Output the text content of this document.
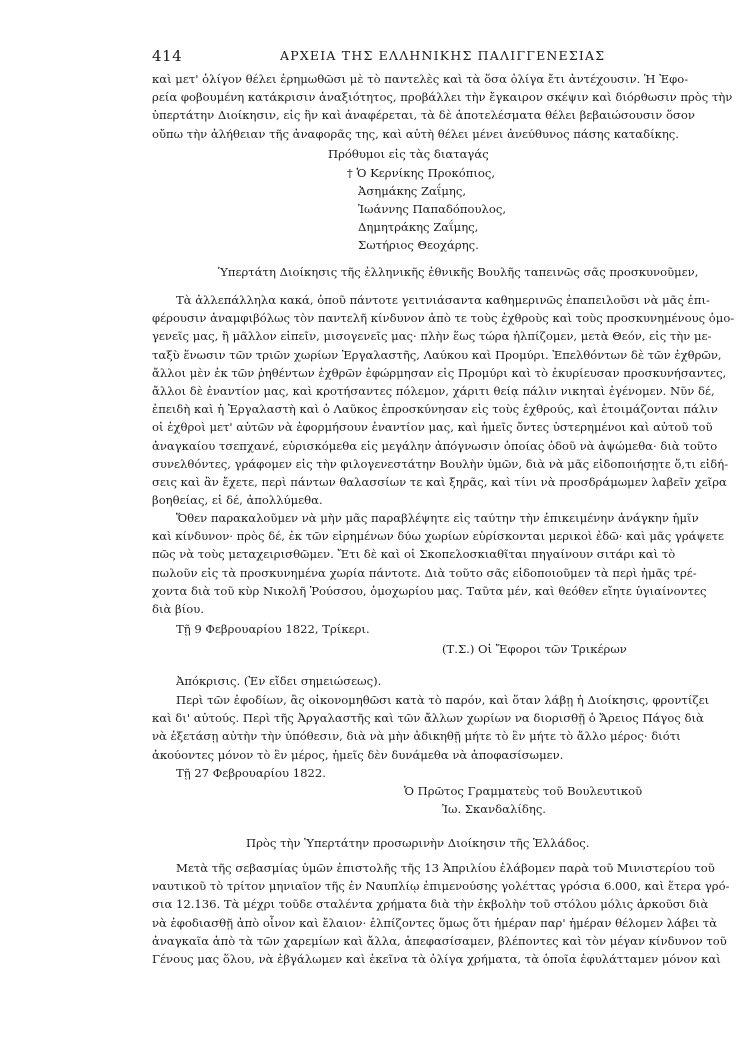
414	ΑΡΧΕΙΑ ΤΗΣ ΕΛΛΗΝΙΚΗΣ ΠΑΛΙΓΓΕΝΕΣΙΑΣ
καὶ μετ' ὀλίγον θέλει ἐρημωθῶσι μὲ τὸ παντελὲς καὶ τὰ ὅσα ὀλίγα ἔτι ἀντέχουσιν. Ἡ Ἐφο-
ρεία φοβουμένη κατάκρισιν ἀναξιότητος, προβάλλει τὴν ἔγκαιρον σκέψιν καὶ διόρθωσιν πρὸς τὴν
ὑπερτάτην Διοίκησιν, εἰς ἣν καὶ ἀναφέρεται, τὰ δὲ ἀποτελέσματα θέλει βεβαιώσουσιν ὅσον
οὔπω τὴν ἀλήθειαν τῆς ἀναφορᾶς της, καὶ αὐτὴ θέλει μένει ἀνεύθυνος πάσης καταδίκης.
Πρόθυμοι εἰς τὰς διαταγάς
† Ὁ Κερνίκης Προκόπιος,
Ἀσημάκης Ζαΐμης,
Ἰωάννης Παπαδόπουλος,
Δημητράκης Ζαΐμης,
Σωτήριος Θεοχάρης.
Ὑπερτάτη Διοίκησις τῆς ἑλληνικῆς ἐθνικῆς Βουλῆς ταπεινῶς σᾶς προσκυνοῦμεν,
Τὰ ἀλλεπάλληλα κακά, ὁποῦ πάντοτε γειτνιάσαντα καθημερινῶς ἐπαπειλοῦσι νὰ μᾶς ἐπι-
φέρουσιν ἀναμφιβόλως τὸν παντελῆ κίνδυνον ἀπὸ τε τοὺς ἐχθροὺς καὶ τοὺς προσκυνημένους ὁμο-
γενεῖς μας, ἢ μᾶλλον εἰπεῖν, μισογενεῖς μας· πλὴν ἕως τώρα ἠλπίζομεν, μετὰ Θεόν, εἰς τὴν με-
ταξὺ ἕνωσιν τῶν τριῶν χωρίων Ἐργαλαστῆς, Λαύκου καὶ Προμύρι. Ἐπελθόντων δὲ τῶν ἐχθρῶν,
ἄλλοι μὲν ἐκ τῶν ῥηθέντων ἐχθρῶν ἐφώρμησαν εἰς Προμύρι καὶ τὸ ἐκυρίευσαν προσκυνήσαντες,
ἄλλοι δὲ ἐναντίον μας, καὶ κροτήσαντες πόλεμον, χάριτι θείᾳ πάλιν νικηταὶ ἐγένομεν. Νῦν δέ,
ἐπειδὴ καὶ ἡ Ἐργαλαστὴ καὶ ὁ Λαῦκος ἐπροσκύνησαν εἰς τοὺς ἐχθρούς, καὶ ἑτοιμάζονται πάλιν
οἱ ἐχθροὶ μετ' αὐτῶν νὰ ἐφορμήσουν ἐναντίον μας, καὶ ἡμεῖς ὄντες ὑστερημένοι καὶ αὐτοῦ τοῦ
ἀναγκαίου τσεπχανέ, εὑρισκόμεθα εἰς μεγάλην ἀπόγνωσιν ὁποίας ὁδοῦ νὰ ἀψώμεθα· διὰ τοῦτο
συνελθόντες, γράφομεν εἰς τὴν φιλογενεστάτην Βουλὴν ὑμῶν, διὰ νὰ μᾶς εἰδοποιήσῃτε ὅ,τι εἰδή-
σεις καὶ ἂν ἔχετε, περὶ πάντων θαλασσίων τε καὶ ξηρᾶς, καὶ τίνι νὰ προσδράμωμεν λαβεῖν χεῖρα
βοηθείας, εἰ δέ, ἀπολλύμεθα.
Ὅθεν παρακαλοῦμεν νὰ μὴν μᾶς παραβλέψητε εἰς ταύτην τὴν ἐπικειμένην ἀνάγκην ἡμῖν
καὶ κίνδυνον· πρὸς δέ, ἐκ τῶν εἰρημένων δύω χωρίων εὑρίσκονται μερικοὶ ἐδῶ· καὶ μᾶς γράψετε
πῶς νὰ τοὺς μεταχειρισθῶμεν. Ἔτι δὲ καὶ οἱ Σκοπελοσκιαθῖται πηγαίνουν σιτάρι καὶ τὸ
πωλοῦν εἰς τὰ προσκυνημένα χωρία πάντοτε. Διὰ τοῦτο σᾶς εἰδοποιοῦμεν τὰ περὶ ἡμᾶς τρέ-
χοντα διὰ τοῦ κὺρ Νικολῆ Ῥούσσου, ὁμοχωρίου μας. Ταῦτα μέν, καὶ θεόθεν εἴητε ὑγιαίνοντες
διὰ βίου.
Τῇ 9 Φεβρουαρίου 1822, Τρίκερι.
(Τ.Σ.) Οἱ Ἔφοροι τῶν Τρικέρων
Ἀπόκρισις. (Ἐν εἴδει σημειώσεως).
Περὶ τῶν ἐφοδίων, ἂς οἰκονομηθῶσι κατὰ τὸ παρόν, καὶ ὅταν λάβῃ ἡ Διοίκησις, φροντίζει
καὶ δι' αὐτούς. Περὶ τῆς Ἀργαλαστῆς καὶ τῶν ἄλλων χωρίων να διορισθῇ ὁ Ἄρειος Πάγος διὰ
νὰ ἐξετάσῃ αὐτὴν τὴν ὑπόθεσιν, διὰ νὰ μὴν ἀδικηθῇ μήτε τὸ ἓν μήτε τὸ ἄλλο μέρος· διότι
ἀκούοντες μόνον τὸ ἓν μέρος, ἡμεῖς δὲν δυνάμεθα νὰ ἀποφασίσωμεν.
Τῇ 27 Φεβρουαρίου 1822.
Ὁ Πρῶτος Γραμματεὺς τοῦ Βουλευτικοῦ
Ἰω. Σκανδαλίδης.
Πρὸς τὴν Ὑπερτάτην προσωρινὴν Διοίκησιν τῆς Ἑλλάδος.
Μετὰ τῆς σεβασμίας ὑμῶν ἐπιστολῆς τῆς 13 Ἀπριλίου ἐλάβομεν παρὰ τοῦ Μινιστερίου τοῦ
ναυτικοῦ τὸ τρίτον μηνιαῖον τῆς ἐν Ναυπλίῳ ἐπιμενούσης γολέττας γρόσια 6.000, καὶ ἕτερα γρό-
σια 12.136. Τὰ μέχρι τοῦδε σταλέντα χρήματα διὰ τὴν ἐκβολὴν τοῦ στόλου μόλις ἀρκοῦσι διὰ
νὰ ἐφοδιασθῇ ἀπὸ οἶνον καὶ ἔλαιον· ἐλπίζοντες ὅμως ὅτι ἡμέραν παρ' ἡμέραν θέλομεν λάβει τὰ
ἀναγκαῖα ἀπὸ τὰ τῶν χαρεμίων καὶ ἄλλα, ἀπεφασίσαμεν, βλέποντες καὶ τὸν μέγαν κίνδυνον τοῦ
Γένους μας ὅλου, νὰ ἐβγάλωμεν καὶ ἐκεῖνα τὰ ὀλίγα χρήματα, τὰ ὁποῖα ἐφυλάτταμεν μόνον καὶ
